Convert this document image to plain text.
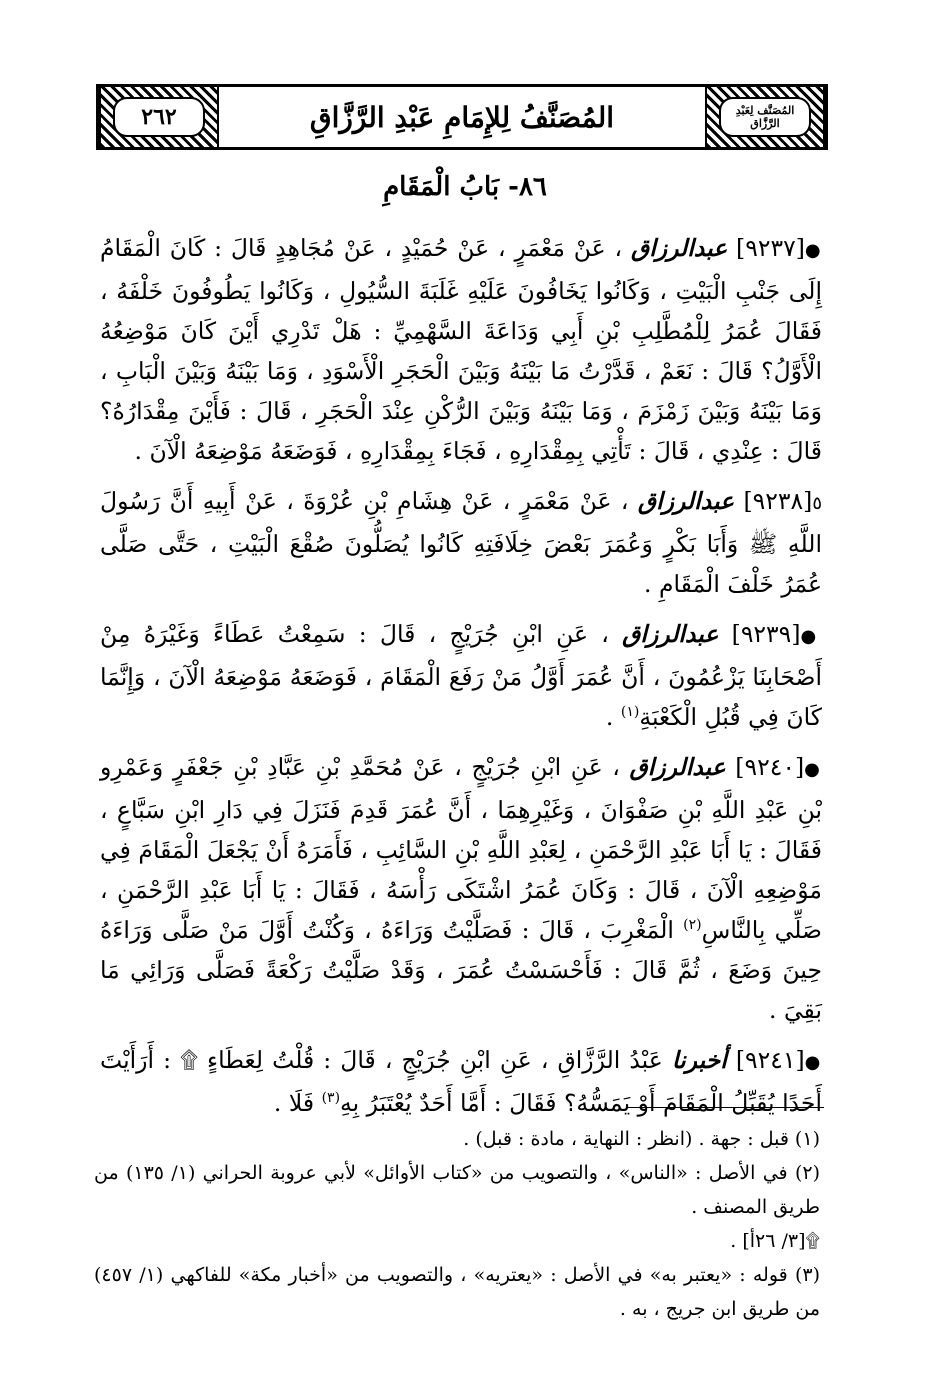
٢٦٢	المُصَنَّفُ لِلإِمَامِ عَبْدِ الرَّزَّاقِ	المُصَنَّف لِعَبْدِ الرَّزَّاق
٨٦- بَابُ الْمَقَامِ

●[٩٢٣٧] عبدالرزاق ، عَنْ مَعْمَرٍ ، عَنْ حُمَيْدٍ ، عَنْ مُجَاهِدٍ قَالَ : كَانَ الْمَقَامُ إِلَى جَنْبِ الْبَيْتِ ، وَكَانُوا يَخَافُونَ عَلَيْهِ غَلَبَةَ السُّيُولِ ، وَكَانُوا يَطُوفُونَ خَلْفَهُ ، فَقَالَ عُمَرُ لِلْمُطَّلِبِ بْنِ أَبِي وَدَاعَةَ السَّهْمِيِّ : هَلْ تَدْرِي أَيْنَ كَانَ مَوْضِعُهُ الْأَوَّلُ؟ قَالَ : نَعَمْ ، قَدَّرْتُ مَا بَيْنَهُ وَبَيْنَ الْحَجَرِ الْأَسْوَدِ ، وَمَا بَيْنَهُ وَبَيْنَ الْبَابِ ، وَمَا بَيْنَهُ وَبَيْنَ زَمْزَمَ ، وَمَا بَيْنَهُ وَبَيْنَ الرُّكْنِ عِنْدَ الْحَجَرِ ، قَالَ : فَأَيْنَ مِقْدَارُهُ؟ قَالَ : عِنْدِي ، قَالَ : تَأْتِي بِمِقْدَارِهِ ، فَجَاءَ بِمِقْدَارِهِ ، فَوَضَعَهُ مَوْضِعَهُ الْآنَ .

٥[٩٢٣٨] عبدالرزاق ، عَنْ مَعْمَرٍ ، عَنْ هِشَامِ بْنِ عُرْوَةَ ، عَنْ أَبِيهِ أَنَّ رَسُولَ اللَّهِ ﷺ وَأَبَا بَكْرٍ وَعُمَرَ بَعْضَ خِلَافَتِهِ كَانُوا يُصَلُّونَ صُقْعَ الْبَيْتِ ، حَتَّى صَلَّى عُمَرُ خَلْفَ الْمَقَامِ .

●[٩٢٣٩] عبدالرزاق ، عَنِ ابْنِ جُرَيْجٍ ، قَالَ : سَمِعْتُ عَطَاءً وَغَيْرَهُ مِنْ أَصْحَابِنَا يَزْعُمُونَ ، أَنَّ عُمَرَ أَوَّلُ مَنْ رَفَعَ الْمَقَامَ ، فَوَضَعَهُ مَوْضِعَهُ الْآنَ ، وَإِنَّمَا كَانَ فِي قُبُلِ الْكَعْبَةِ$^{(١)}$ .

●[٩٢٤٠] عبدالرزاق ، عَنِ ابْنِ جُرَيْجٍ ، عَنْ مُحَمَّدِ بْنِ عَبَّادِ بْنِ جَعْفَرٍ وَعَمْرِو بْنِ عَبْدِ اللَّهِ بْنِ صَفْوَانَ ، وَغَيْرِهِمَا ، أَنَّ عُمَرَ قَدِمَ فَنَزَلَ فِي دَارِ ابْنِ سَبَّاعٍ ، فَقَالَ : يَا أَبَا عَبْدِ الرَّحْمَنِ ، لِعَبْدِ اللَّهِ بْنِ السَّائِبِ ، فَأَمَرَهُ أَنْ يَجْعَلَ الْمَقَامَ فِي مَوْضِعِهِ الْآنَ ، قَالَ : وَكَانَ عُمَرُ اشْتَكَى رَأْسَهُ ، فَقَالَ : يَا أَبَا عَبْدِ الرَّحْمَنِ ، صَلِّي بِالنَّاسِ$^{(٢)}$ الْمَغْرِبَ ، قَالَ : فَصَلَّيْتُ وَرَاءَهُ ، وَكُنْتُ أَوَّلَ مَنْ صَلَّى وَرَاءَهُ حِينَ وَضَعَ ، ثُمَّ قَالَ : فَأَحْسَسْتُ عُمَرَ ، وَقَدْ صَلَّيْتُ رَكْعَةً فَصَلَّى وَرَائِي مَا بَقِيَ .

●[٩٢٤١] أخبرنا عَبْدُ الرَّزَّاقِ ، عَنِ ابْنِ جُرَيْجٍ ، قَالَ : قُلْتُ لِعَطَاءٍ ۩ : أَرَأَيْتَ أَحَدًا يُقَبِّلُ الْمَقَامَ أَوْ يَمَسُّهُ؟ فَقَالَ : أَمَّا أَحَدٌ يُعْتَبَرُ بِهِ$^{(٣)}$ فَلَا .

(١) قبل : جهة . (انظر : النهاية ، مادة : قبل) .

(٢) في الأصل : «الناس» ، والتصويب من «كتاب الأوائل» لأبي عروبة الحراني (١/ ١٣٥) من طريق المصنف .

۩[٣/ ٢٦أ] .

(٣) قوله : «يعتبر به» في الأصل : «يعتريه» ، والتصويب من «أخبار مكة» للفاكهي (١/ ٤٥٧) من طريق ابن جريج ، به .
